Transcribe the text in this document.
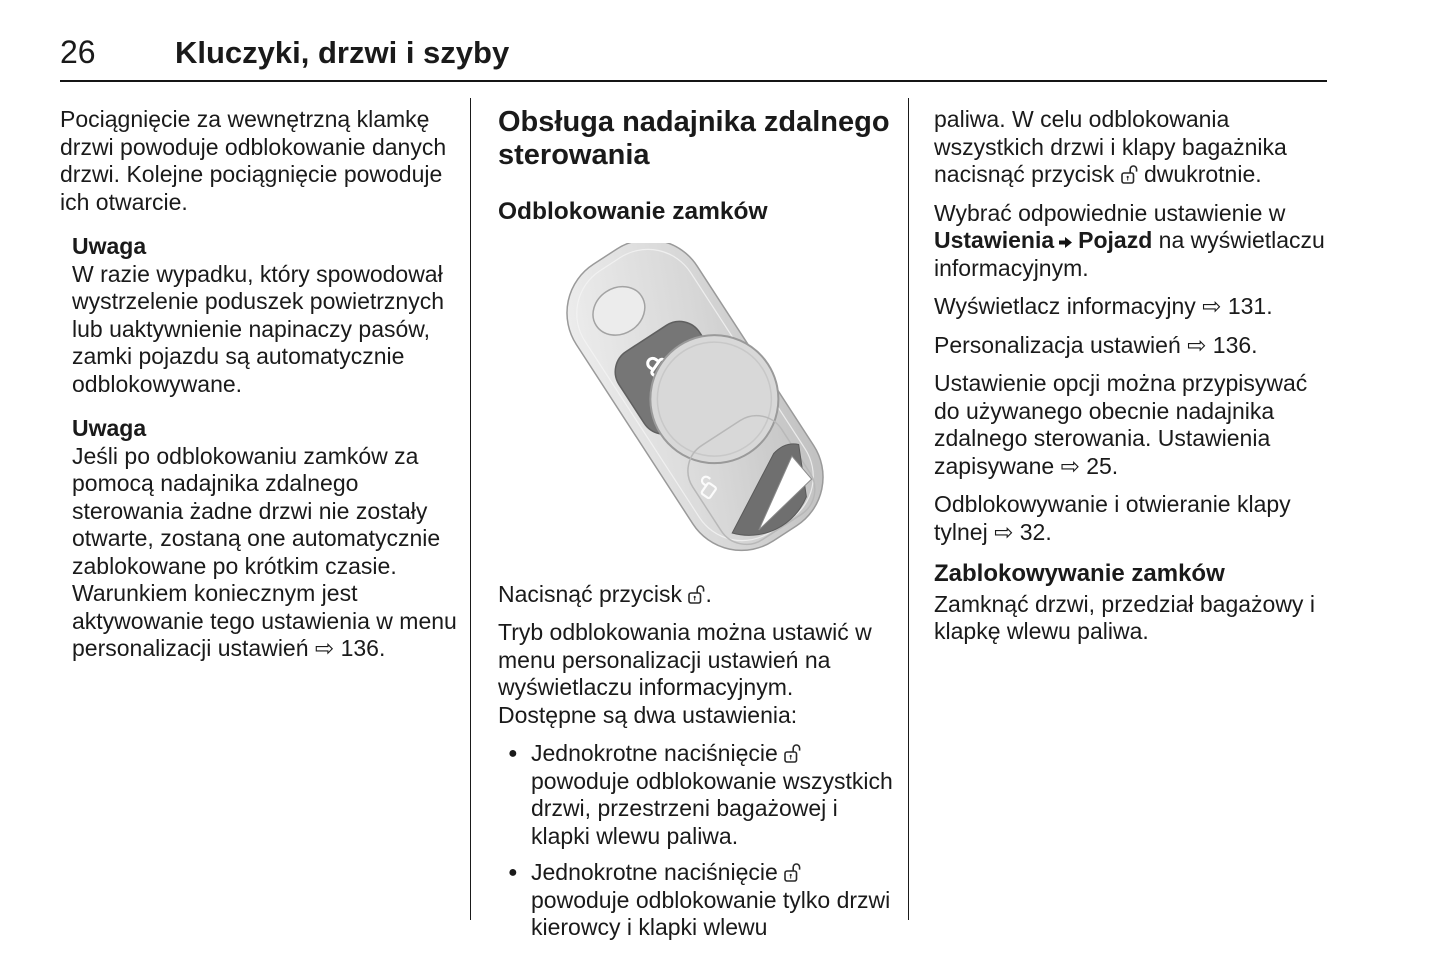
26	Kluczyki, drzwi i szyby

Pociągnięcie za wewnętrzną klamkę drzwi powoduje odblokowanie danych drzwi. Kolejne pociągnięcie powoduje ich otwarcie.

Uwaga
W razie wypadku, który spowodował wystrzelenie poduszek powietrznych lub uaktywnienie napinaczy pasów, zamki pojazdu są automatycznie odblokowywane.
Uwaga
Jeśli po odblokowaniu zamków za pomocą nadajnika zdalnego sterowania żadne drzwi nie zostały otwarte, zostaną one automatycznie zablokowane po krótkim czasie. Warunkiem koniecznym jest aktywowanie tego ustawienia w menu personalizacji ustawień ⇨ 136.
Obsługa nadajnika zdalnego sterowania
Odblokowanie zamków

Nacisnąć przycisk .

Tryb odblokowania można ustawić w menu personalizacji ustawień na wyświetlaczu informacyjnym. Dostępne są dwa ustawienia:

● Jednokrotne naciśnięcie  powoduje odblokowanie wszystkich drzwi, przestrzeni bagażowej i klapki wlewu paliwa.
● Jednokrotne naciśnięcie  powoduje odblokowanie tylko drzwi kierowcy i klapki wlewu

paliwa. W celu odblokowania wszystkich drzwi i klapy bagażnika nacisnąć przycisk  dwukrotnie.

Wybrać odpowiednie ustawienie w Ustawienia Pojazd na wyświetlaczu informacyjnym.

Wyświetlacz informacyjny ⇨ 131.

Personalizacja ustawień ⇨ 136.

Ustawienie opcji można przypisywać do używanego obecnie nadajnika zdalnego sterowania. Ustawienia zapisywane ⇨ 25.

Odblokowywanie i otwieranie klapy tylnej ⇨ 32.

Zablokowywanie zamków

Zamknąć drzwi, przedział bagażowy i klapkę wlewu paliwa.
